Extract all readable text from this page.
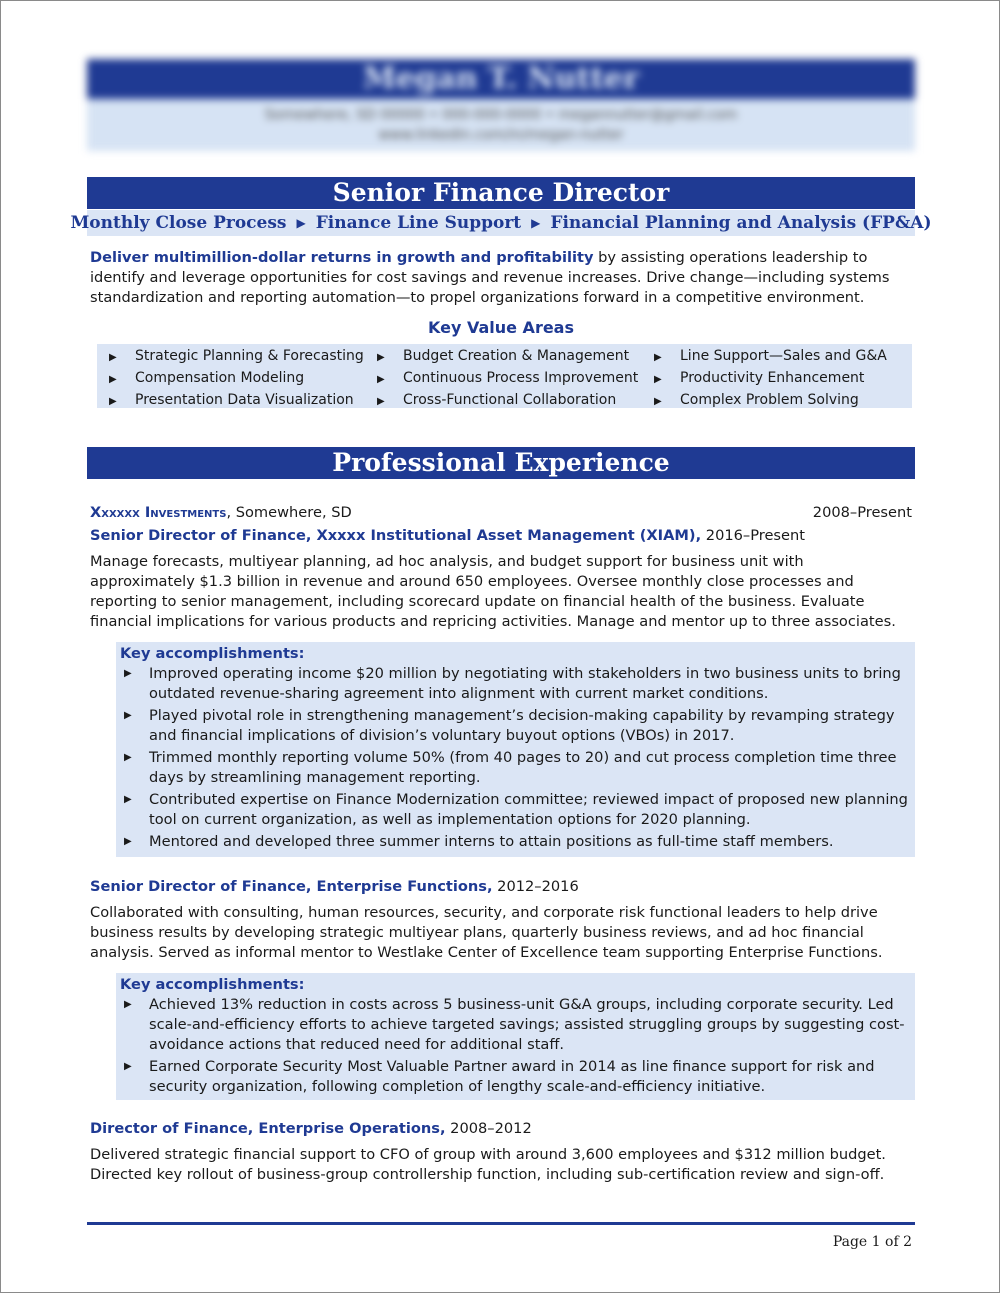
Megan T. Nutter
Somewhere, SD 00000 • 000-000-0000 • megannutter@gmail.com
www.linkedin.com/in/megan-nutter
Senior Finance Director
Monthly Close Process ▶ Finance Line Support ▶ Financial Planning and Analysis (FP&A)
Deliver multimillion-dollar returns in growth and profitability by assisting operations leadership to identify and leverage opportunities for cost savings and revenue increases. Drive change—including systems standardization and reporting automation—to propel organizations forward in a competitive environment.
Key Value Areas
▶ Strategic Planning & Forecasting
▶ Compensation Modeling
▶ Presentation Data Visualization
▶ Budget Creation & Management
▶ Continuous Process Improvement
▶ Cross-Functional Collaboration
▶ Line Support—Sales and G&A
▶ Productivity Enhancement
▶ Complex Problem Solving
Professional Experience
Xxxxxx Investments, Somewhere, SD	2008–Present
Senior Director of Finance, Xxxxx Institutional Asset Management (XIAM), 2016–Present
Manage forecasts, multiyear planning, ad hoc analysis, and budget support for business unit with approximately $1.3 billion in revenue and around 650 employees. Oversee monthly close processes and reporting to senior management, including scorecard update on financial health of the business. Evaluate financial implications for various products and repricing activities. Manage and mentor up to three associates.
Key accomplishments:
▶ Improved operating income $20 million by negotiating with stakeholders in two business units to bring outdated revenue-sharing agreement into alignment with current market conditions.
▶ Played pivotal role in strengthening management’s decision-making capability by revamping strategy and financial implications of division’s voluntary buyout options (VBOs) in 2017.
▶ Trimmed monthly reporting volume 50% (from 40 pages to 20) and cut process completion time three days by streamlining management reporting.
▶ Contributed expertise on Finance Modernization committee; reviewed impact of proposed new planning tool on current organization, as well as implementation options for 2020 planning.
▶ Mentored and developed three summer interns to attain positions as full-time staff members.
Senior Director of Finance, Enterprise Functions, 2012–2016
Collaborated with consulting, human resources, security, and corporate risk functional leaders to help drive business results by developing strategic multiyear plans, quarterly business reviews, and ad hoc financial analysis. Served as informal mentor to Westlake Center of Excellence team supporting Enterprise Functions.
Key accomplishments:
▶ Achieved 13% reduction in costs across 5 business-unit G&A groups, including corporate security. Led scale-and-efficiency efforts to achieve targeted savings; assisted struggling groups by suggesting cost-avoidance actions that reduced need for additional staff.
▶ Earned Corporate Security Most Valuable Partner award in 2014 as line finance support for risk and security organization, following completion of lengthy scale-and-efficiency initiative.
Director of Finance, Enterprise Operations, 2008–2012
Delivered strategic financial support to CFO of group with around 3,600 employees and $312 million budget. Directed key rollout of business-group controllership function, including sub-certification review and sign-off.
Page 1 of 2
